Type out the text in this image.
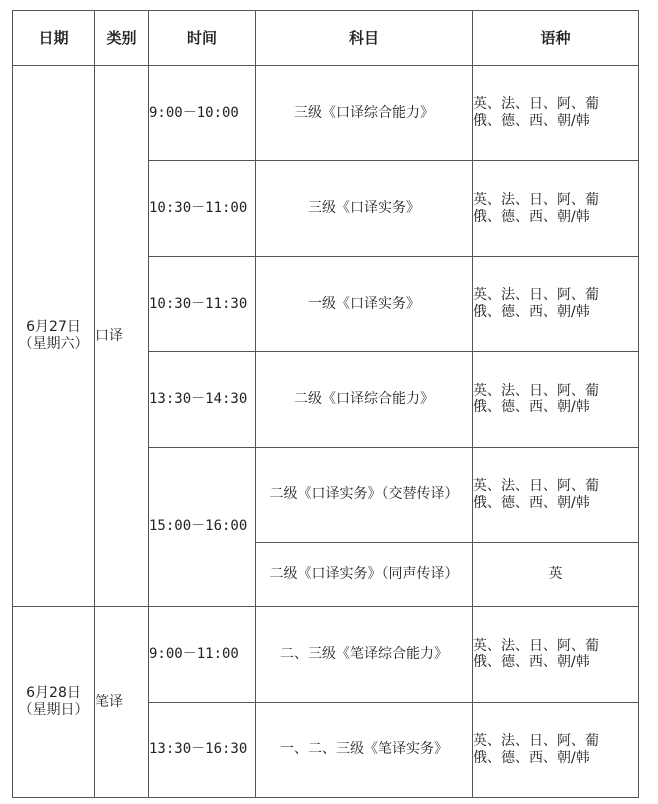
日期	类别	时间	科目	语种

6月27日
（星期六）	口译	9:00－10:00	三级《口译综合能力》	英、法、日、阿、葡
俄、德、西、朝/韩

		10:30－11:00	三级《口译实务》	英、法、日、阿、葡
俄、德、西、朝/韩

		10:30－11:30	一级《口译实务》	英、法、日、阿、葡
俄、德、西、朝/韩

		13:30－14:30	二级《口译综合能力》	英、法、日、阿、葡
俄、德、西、朝/韩

		15:00－16:00	二级《口译实务》（交替传译）	英、法、日、阿、葡
俄、德、西、朝/韩

			二级《口译实务》（同声传译）	英

6月28日
（星期日）	笔译	9:00－11:00	二、三级《笔译综合能力》	英、法、日、阿、葡
俄、德、西、朝/韩

		13:30－16:30	一、二、三级《笔译实务》	英、法、日、阿、葡
俄、德、西、朝/韩
